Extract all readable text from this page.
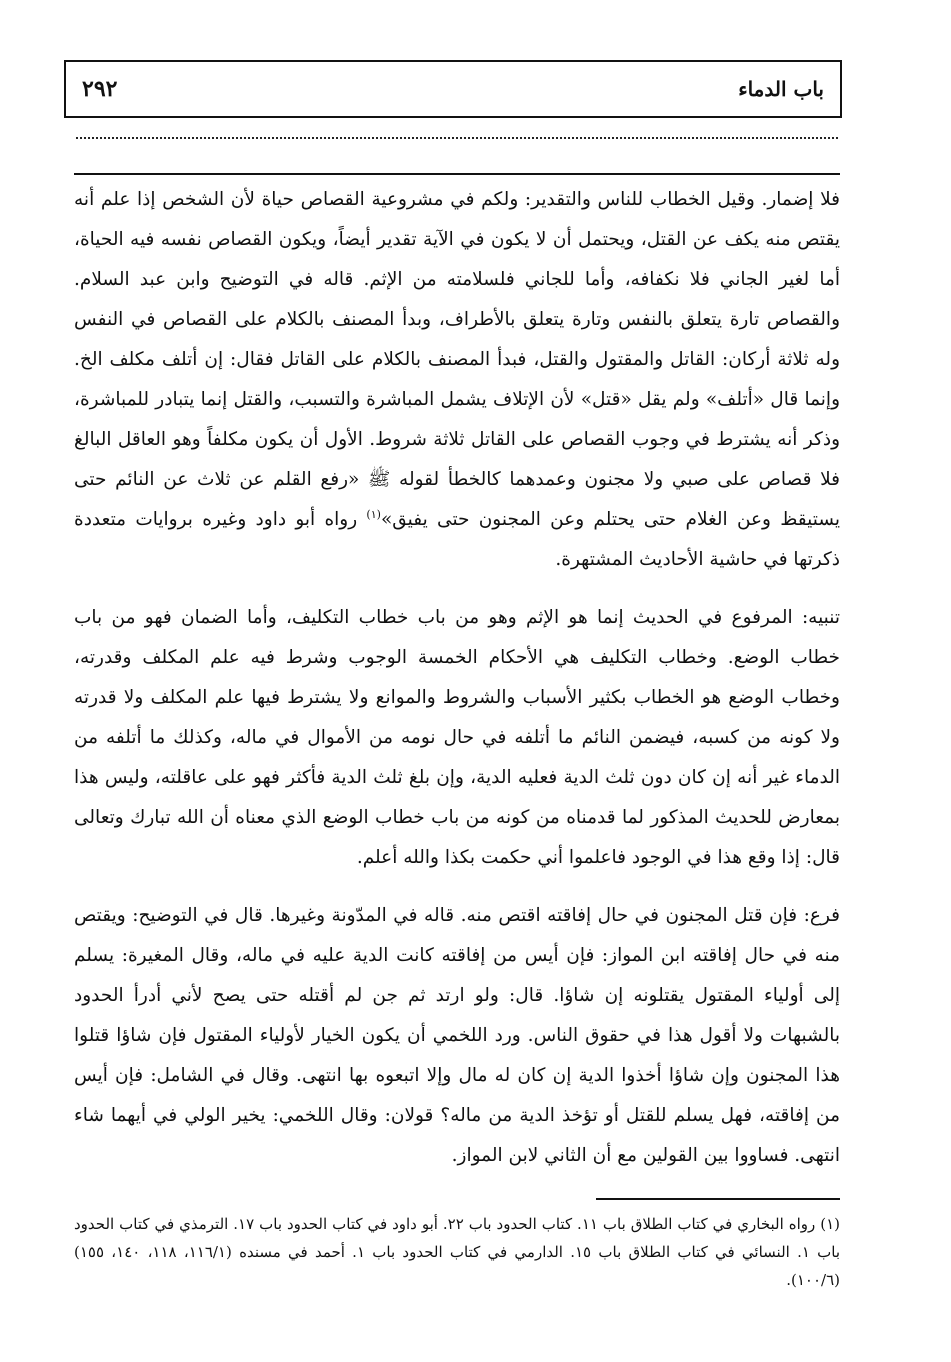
٢٩٢	باب الدماء

فلا إضمار. وقيل الخطاب للناس والتقدير: ولكم في مشروعية القصاص حياة لأن الشخص إذا علم أنه يقتص منه يكف عن القتل، ويحتمل أن لا يكون في الآية تقدير أيضاً، ويكون القصاص نفسه فيه الحياة، أما لغير الجاني فلا نكفافه، وأما للجاني فلسلامته من الإثم. قاله في التوضيح وابن عبد السلام. والقصاص تارة يتعلق بالنفس وتارة يتعلق بالأطراف، وبدأ المصنف بالكلام على القصاص في النفس وله ثلاثة أركان: القاتل والمقتول والقتل، فبدأ المصنف بالكلام على القاتل فقال: إن أتلف مكلف الخ. وإنما قال «أتلف» ولم يقل «قتل» لأن الإتلاف يشمل المباشرة والتسبب، والقتل إنما يتبادر للمباشرة، وذكر أنه يشترط في وجوب القصاص على القاتل ثلاثة شروط. الأول أن يكون مكلفاً وهو العاقل البالغ فلا قصاص على صبي ولا مجنون وعمدهما كالخطأ لقوله ﷺ «رفع القلم عن ثلاث عن النائم حتى يستيقظ وعن الغلام حتى يحتلم وعن المجنون حتى يفيق»$^{(١)}$ رواه أبو داود وغيره بروايات متعددة ذكرتها في حاشية الأحاديث المشتهرة.

تنبيه: المرفوع في الحديث إنما هو الإثم وهو من باب خطاب التكليف، وأما الضمان فهو من باب خطاب الوضع. وخطاب التكليف هي الأحكام الخمسة الوجوب وشرط فيه علم المكلف وقدرته، وخطاب الوضع هو الخطاب بكثير الأسباب والشروط والموانع ولا يشترط فيها علم المكلف ولا قدرته ولا كونه من كسبه، فيضمن النائم ما أتلفه في حال نومه من الأموال في ماله، وكذلك ما أتلفه من الدماء غير أنه إن كان دون ثلث الدية فعليه الدية، وإن بلغ ثلث الدية فأكثر فهو على عاقلته، وليس هذا بمعارض للحديث المذكور لما قدمناه من كونه من باب خطاب الوضع الذي معناه أن الله تبارك وتعالى قال: إذا وقع هذا في الوجود فاعلموا أني حكمت بكذا والله أعلم.

فرع: فإن قتل المجنون في حال إفاقته اقتص منه. قاله في المدّونة وغيرها. قال في التوضيح: ويقتص منه في حال إفاقته ابن المواز: فإن أيس من إفاقته كانت الدية عليه في ماله، وقال المغيرة: يسلم إلى أولياء المقتول يقتلونه إن شاؤا. قال: ولو ارتد ثم جن لم أقتله حتى يصح لأني أدرأ الحدود بالشبهات ولا أقول هذا في حقوق الناس. ورد اللخمي أن يكون الخيار لأولياء المقتول فإن شاؤا قتلوا هذا المجنون وإن شاؤا أخذوا الدية إن كان له مال وإلا اتبعوه بها انتهى. وقال في الشامل: فإن أيس من إفاقته، فهل يسلم للقتل أو تؤخذ الدية من ماله؟ قولان: وقال اللخمي: يخير الولي في أيهما شاء انتهى. فساووا بين القولين مع أن الثاني لابن المواز.

(١) رواه البخاري في كتاب الطلاق باب ١١. كتاب الحدود باب ٢٢. أبو داود في كتاب الحدود باب ١٧. الترمذي في كتاب الحدود باب ١. النسائي في كتاب الطلاق باب ١٥. الدارمي في كتاب الحدود باب ١. أحمد في مسنده (١١٦/١، ١١٨، ١٤٠، ١٥٥) (١٠٠/٦).
